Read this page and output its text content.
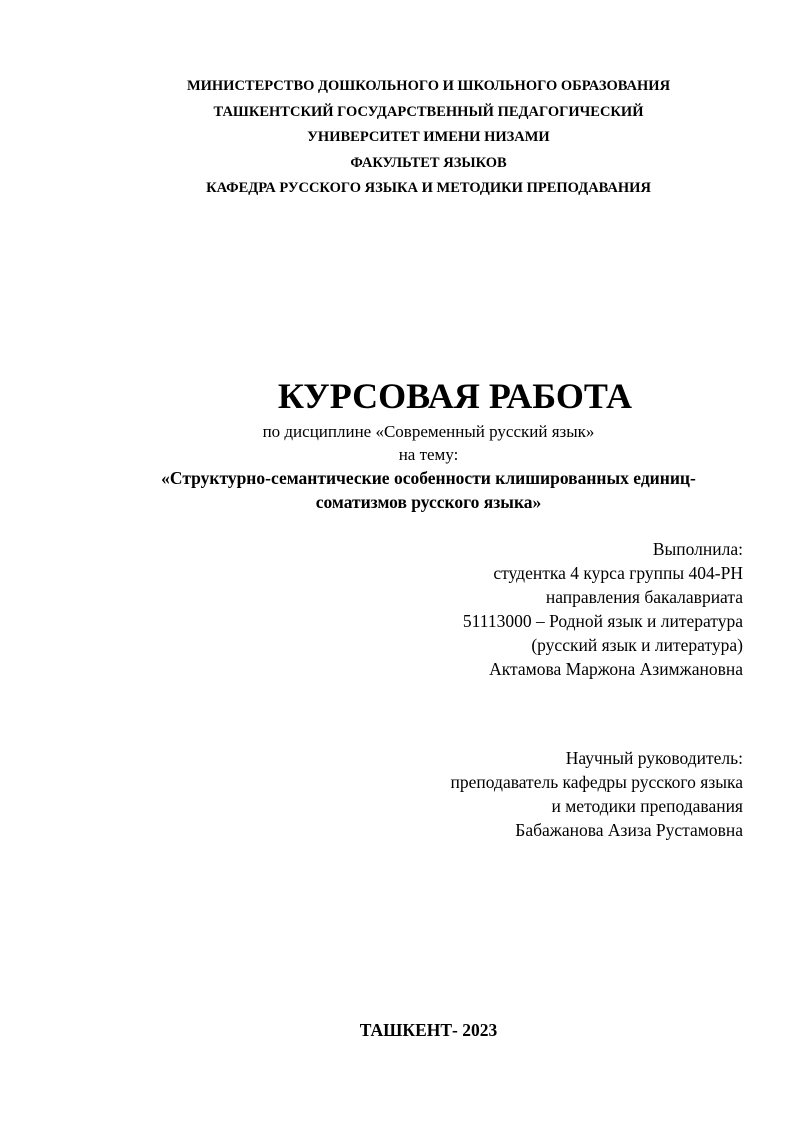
МИНИСТЕРСТВО ДОШКОЛЬНОГО И ШКОЛЬНОГО ОБРАЗОВАНИЯ
ТАШКЕНТСКИЙ ГОСУДАРСТВЕННЫЙ ПЕДАГОГИЧЕСКИЙ
УНИВЕРСИТЕТ ИМЕНИ НИЗАМИ
ФАКУЛЬТЕТ ЯЗЫКОВ
КАФЕДРА РУССКОГО ЯЗЫКА И МЕТОДИКИ ПРЕПОДАВАНИЯ
КУРСОВАЯ РАБОТА
по дисциплине «Современный русский язык»
на тему:
«Структурно-семантические особенности клишированных единиц-
соматизмов русского языка»
Выполнила:
студентка 4 курса группы 404-РН
направления бакалавриата
51113000 – Родной язык и литература
(русский язык и литература)
Актамова Маржона Азимжановна
Научный руководитель:
преподаватель кафедры русского языка
и методики преподавания
Бабажанова Азиза Рустамовна
ТАШКЕНТ- 2023
